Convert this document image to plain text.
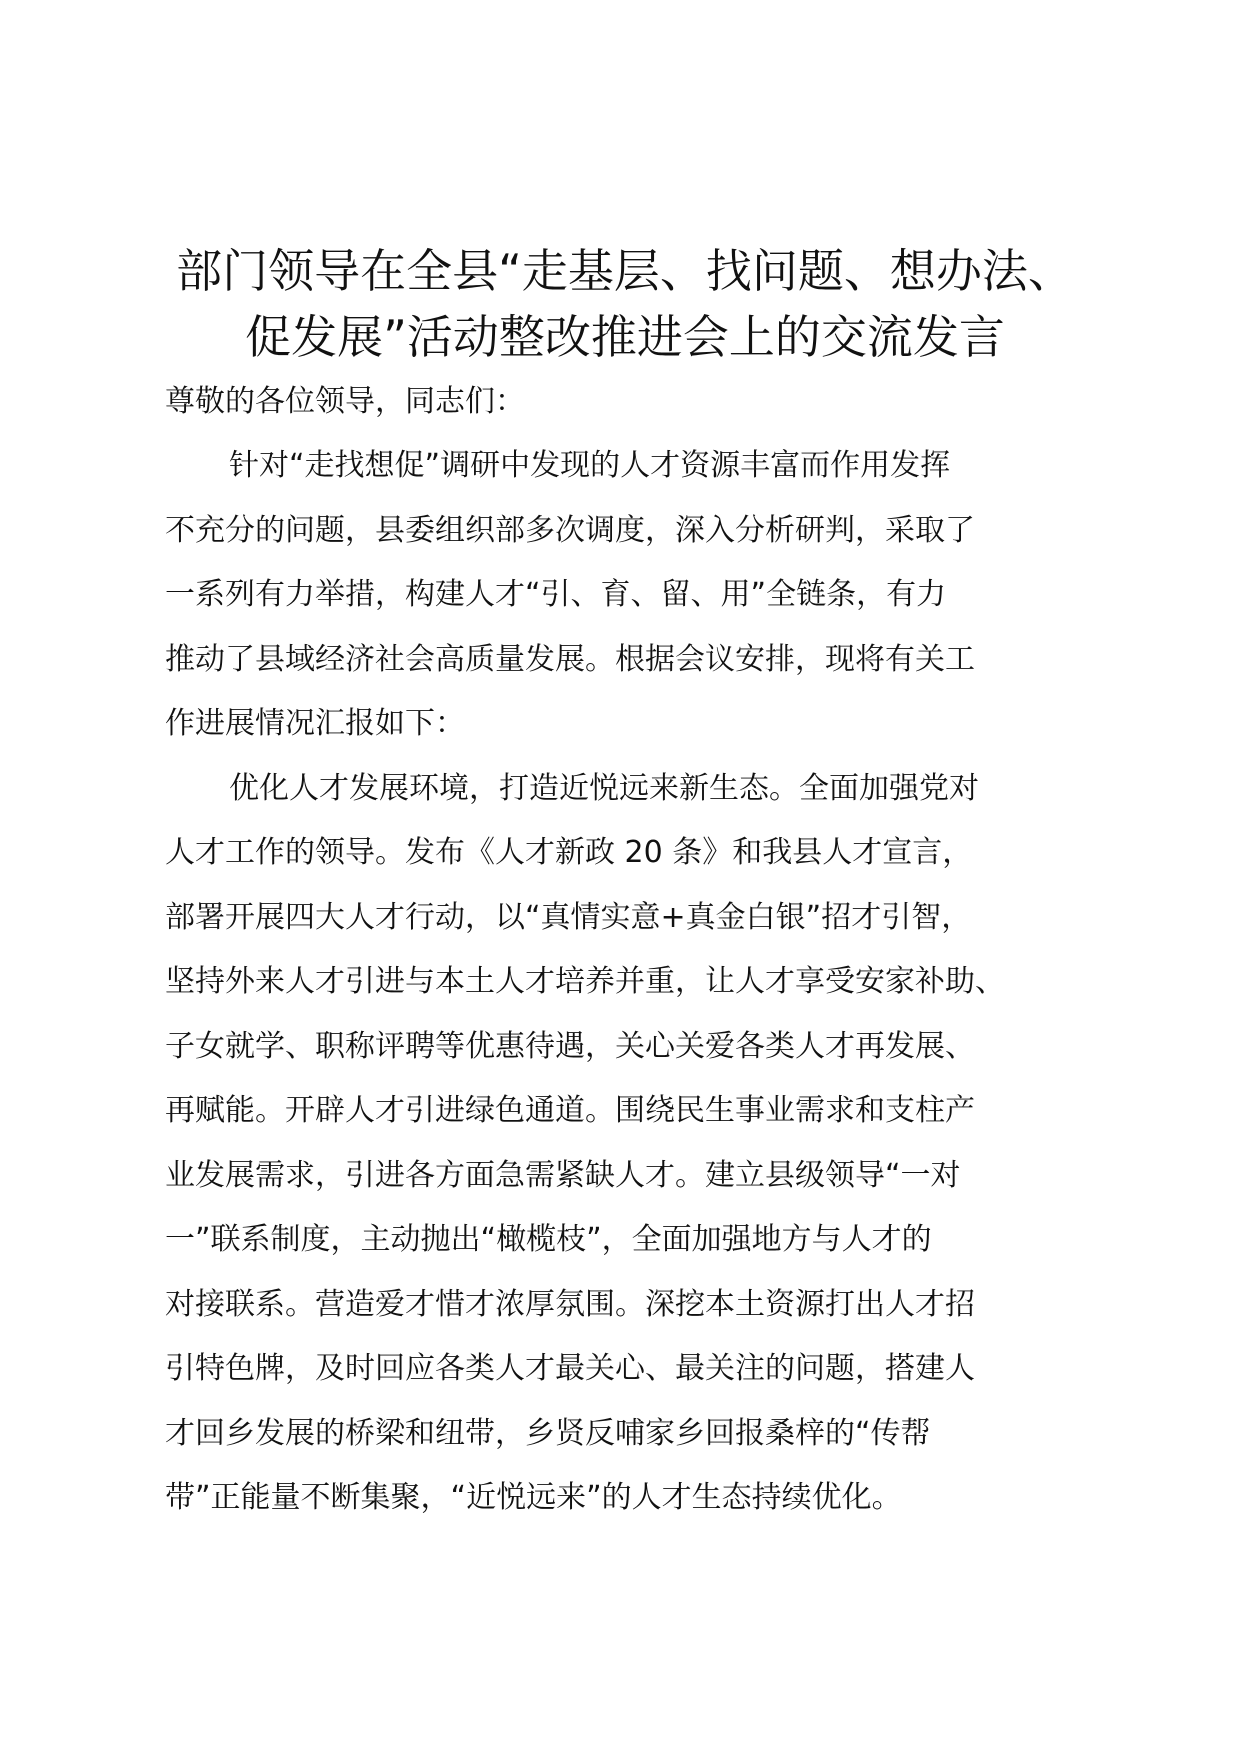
部门领导在全县“走基层、找问题、想办法、
促发展”活动整改推进会上的交流发言

尊敬的各位领导，同志们：

针对“走找想促”调研中发现的人才资源丰富而作用发挥
不充分的问题，县委组织部多次调度，深入分析研判，采取了
一系列有力举措，构建人才“引、育、留、用”全链条，有力
推动了县域经济社会高质量发展。根据会议安排，现将有关工
作进展情况汇报如下：

优化人才发展环境，打造近悦远来新生态。全面加强党对
人才工作的领导。发布《人才新政 20 条》和我县人才宣言，
部署开展四大人才行动，以“真情实意+真金白银”招才引智，
坚持外来人才引进与本土人才培养并重，让人才享受安家补助、
子女就学、职称评聘等优惠待遇，关心关爱各类人才再发展、
再赋能。开辟人才引进绿色通道。围绕民生事业需求和支柱产
业发展需求，引进各方面急需紧缺人才。建立县级领导“一对
一”联系制度，主动抛出“橄榄枝”，全面加强地方与人才的
对接联系。营造爱才惜才浓厚氛围。深挖本土资源打出人才招
引特色牌，及时回应各类人才最关心、最关注的问题，搭建人
才回乡发展的桥梁和纽带，乡贤反哺家乡回报桑梓的“传帮
带”正能量不断集聚，“近悦远来”的人才生态持续优化。
